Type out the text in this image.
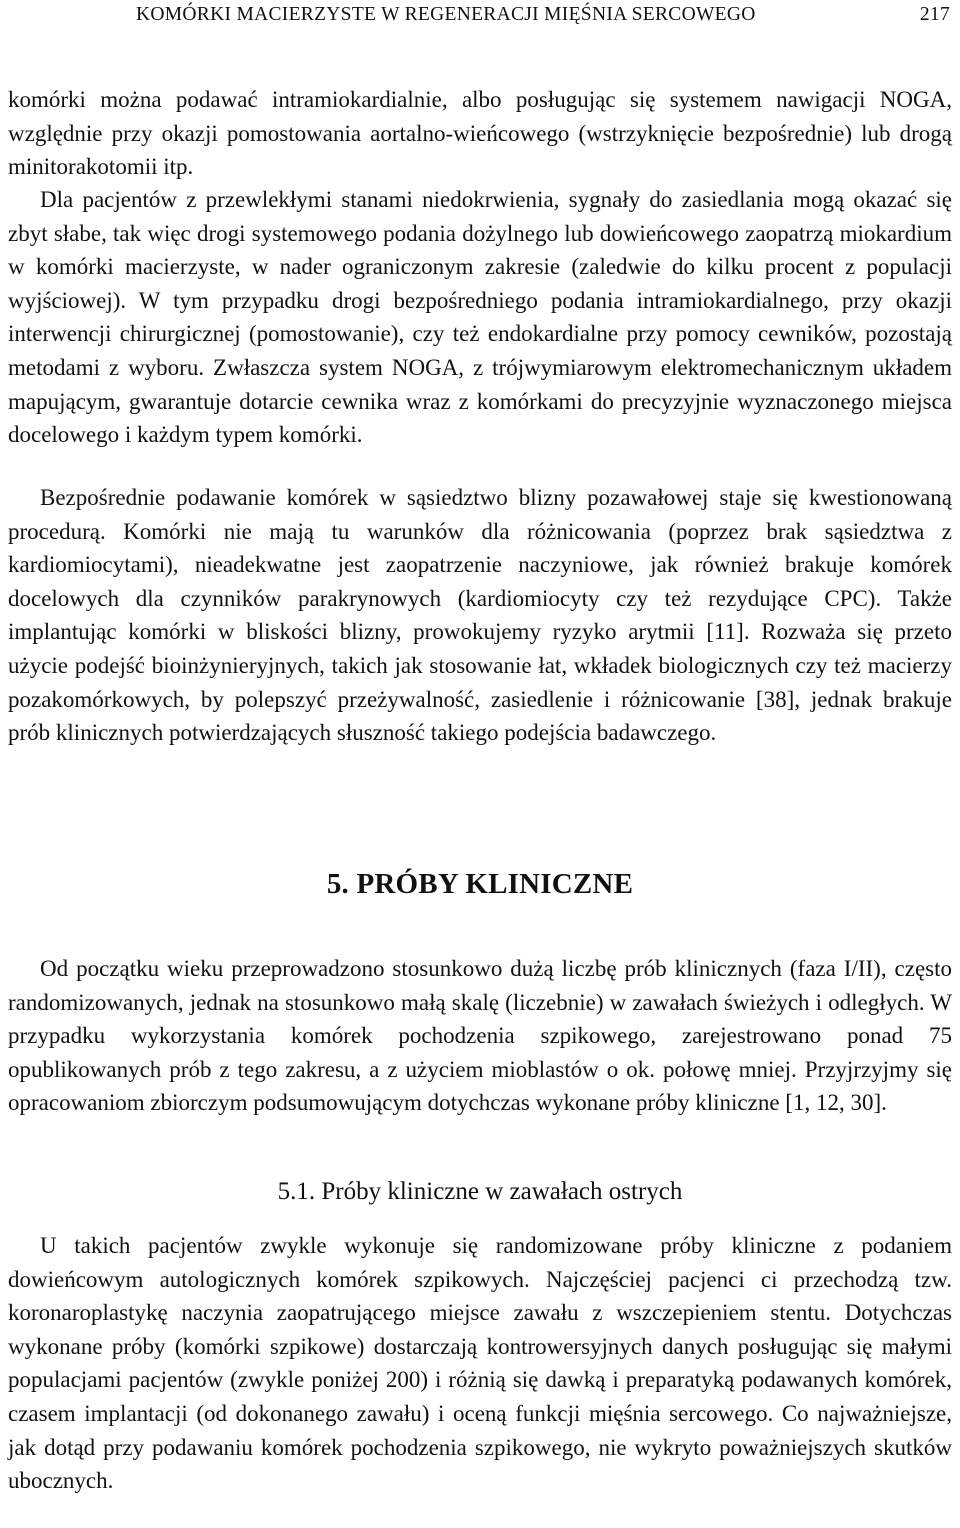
KOMÓRKI MACIERZYSTE W REGENERACJI MIĘŚNIA SERCOWEGO	217

komórki można podawać intramiokardialnie, albo posługując się systemem nawigacji NOGA, względnie przy okazji pomostowania aortalno-wieńcowego (wstrzyknięcie bezpośrednie) lub drogą minitorakotomii itp.

Dla pacjentów z przewlekłymi stanami niedokrwienia, sygnały do zasiedlania mogą okazać się zbyt słabe, tak więc drogi systemowego podania dożylnego lub dowieńcowego zaopatrzą miokardium w komórki macierzyste, w nader ograniczonym zakresie (zaledwie do kilku procent z populacji wyjściowej). W tym przypadku drogi bezpośredniego podania intramiokardialnego, przy okazji interwencji chirurgicznej (pomostowanie), czy też endokardialne przy pomocy cewników, pozostają metodami z wyboru. Zwłaszcza system NOGA, z trójwymiarowym elektromechanicznym układem mapującym, gwarantuje dotarcie cewnika wraz z komórkami do precyzyjnie wyznaczonego miejsca docelowego i każdym typem komórki.

Bezpośrednie podawanie komórek w sąsiedztwo blizny pozawałowej staje się kwestionowaną procedurą. Komórki nie mają tu warunków dla różnicowania (poprzez brak sąsiedztwa z kardiomiocytami), nieadekwatne jest zaopatrzenie naczyniowe, jak również brakuje komórek docelowych dla czynników parakrynowych (kardiomiocyty czy też rezydujące CPC). Także implantując komórki w bliskości blizny, prowokujemy ryzyko arytmii [11]. Rozważa się przeto użycie podejść bioinżynieryjnych, takich jak stosowanie łat, wkładek biologicznych czy też macierzy pozakomórkowych, by polepszyć przeżywalność, zasiedlenie i różnicowanie [38], jednak brakuje prób klinicznych potwierdzających słuszność takiego podejścia badawczego.

5. PRÓBY KLINICZNE

Od początku wieku przeprowadzono stosunkowo dużą liczbę prób klinicznych (faza I/II), często randomizowanych, jednak na stosunkowo małą skalę (liczebnie) w zawałach świeżych i odległych. W przypadku wykorzystania komórek pochodzenia szpikowego, zarejestrowano ponad 75 opublikowanych prób z tego zakresu, a z użyciem mioblastów o ok. połowę mniej. Przyjrzyjmy się opracowaniom zbiorczym podsumowującym dotychczas wykonane próby kliniczne [1, 12, 30].

5.1. Próby kliniczne w zawałach ostrych

U takich pacjentów zwykle wykonuje się randomizowane próby kliniczne z podaniem dowieńcowym autologicznych komórek szpikowych. Najczęściej pacjenci ci przechodzą tzw. koronaroplastykę naczynia zaopatrującego miejsce zawału z wszczepieniem stentu. Dotychczas wykonane próby (komórki szpikowe) dostarczają kontrowersyjnych danych posługując się małymi populacjami pacjentów (zwykle poniżej 200) i różnią się dawką i preparatyką podawanych komórek, czasem implantacji (od dokonanego zawału) i oceną funkcji mięśnia sercowego. Co najważniejsze, jak dotąd przy podawaniu komórek pochodzenia szpikowego, nie wykryto poważniejszych skutków ubocznych.
